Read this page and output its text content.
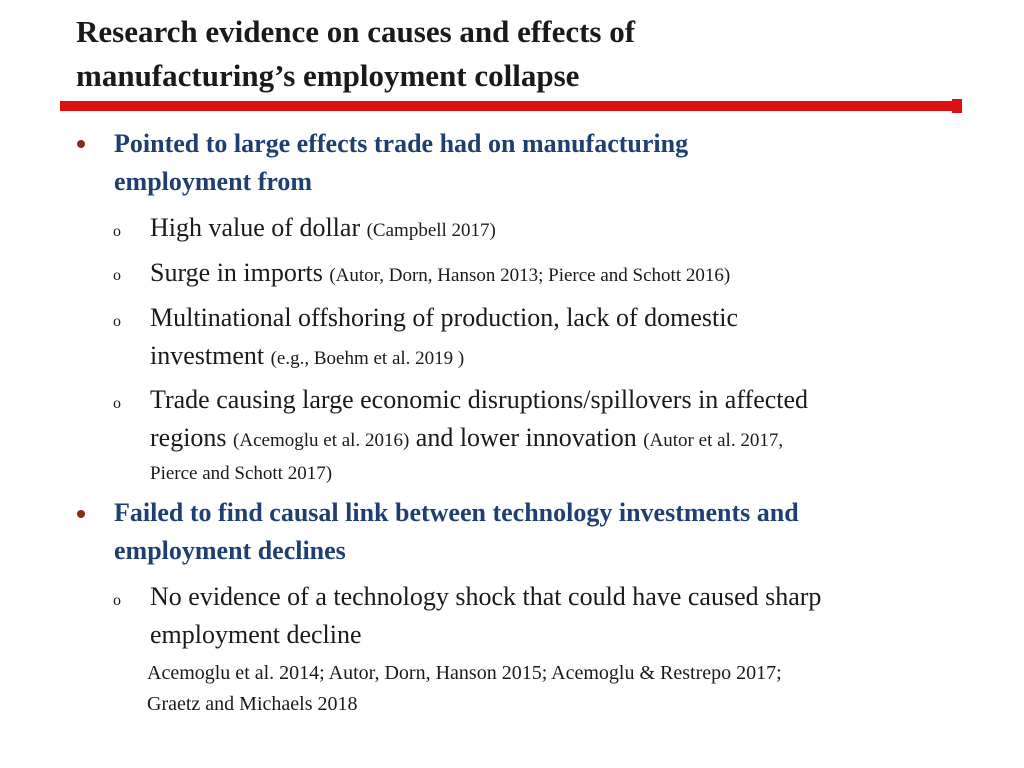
Research evidence on causes and effects of
manufacturing’s employment collapse
Pointed to large effects trade had on manufacturing
employment from
o High value of dollar (Campbell 2017)
o Surge in imports (Autor, Dorn, Hanson 2013; Pierce and Schott 2016)
o Multinational offshoring of production, lack of domestic
investment (e.g., Boehm et al. 2019 )
o Trade causing large economic disruptions/spillovers in affected
regions (Acemoglu et al. 2016) and lower innovation (Autor et al. 2017,
Pierce and Schott 2017)
Failed to find causal link between technology investments and
employment declines
o No evidence of a technology shock that could have caused sharp
employment decline
Acemoglu et al. 2014; Autor, Dorn, Hanson 2015; Acemoglu & Restrepo 2017;
Graetz and Michaels 2018
